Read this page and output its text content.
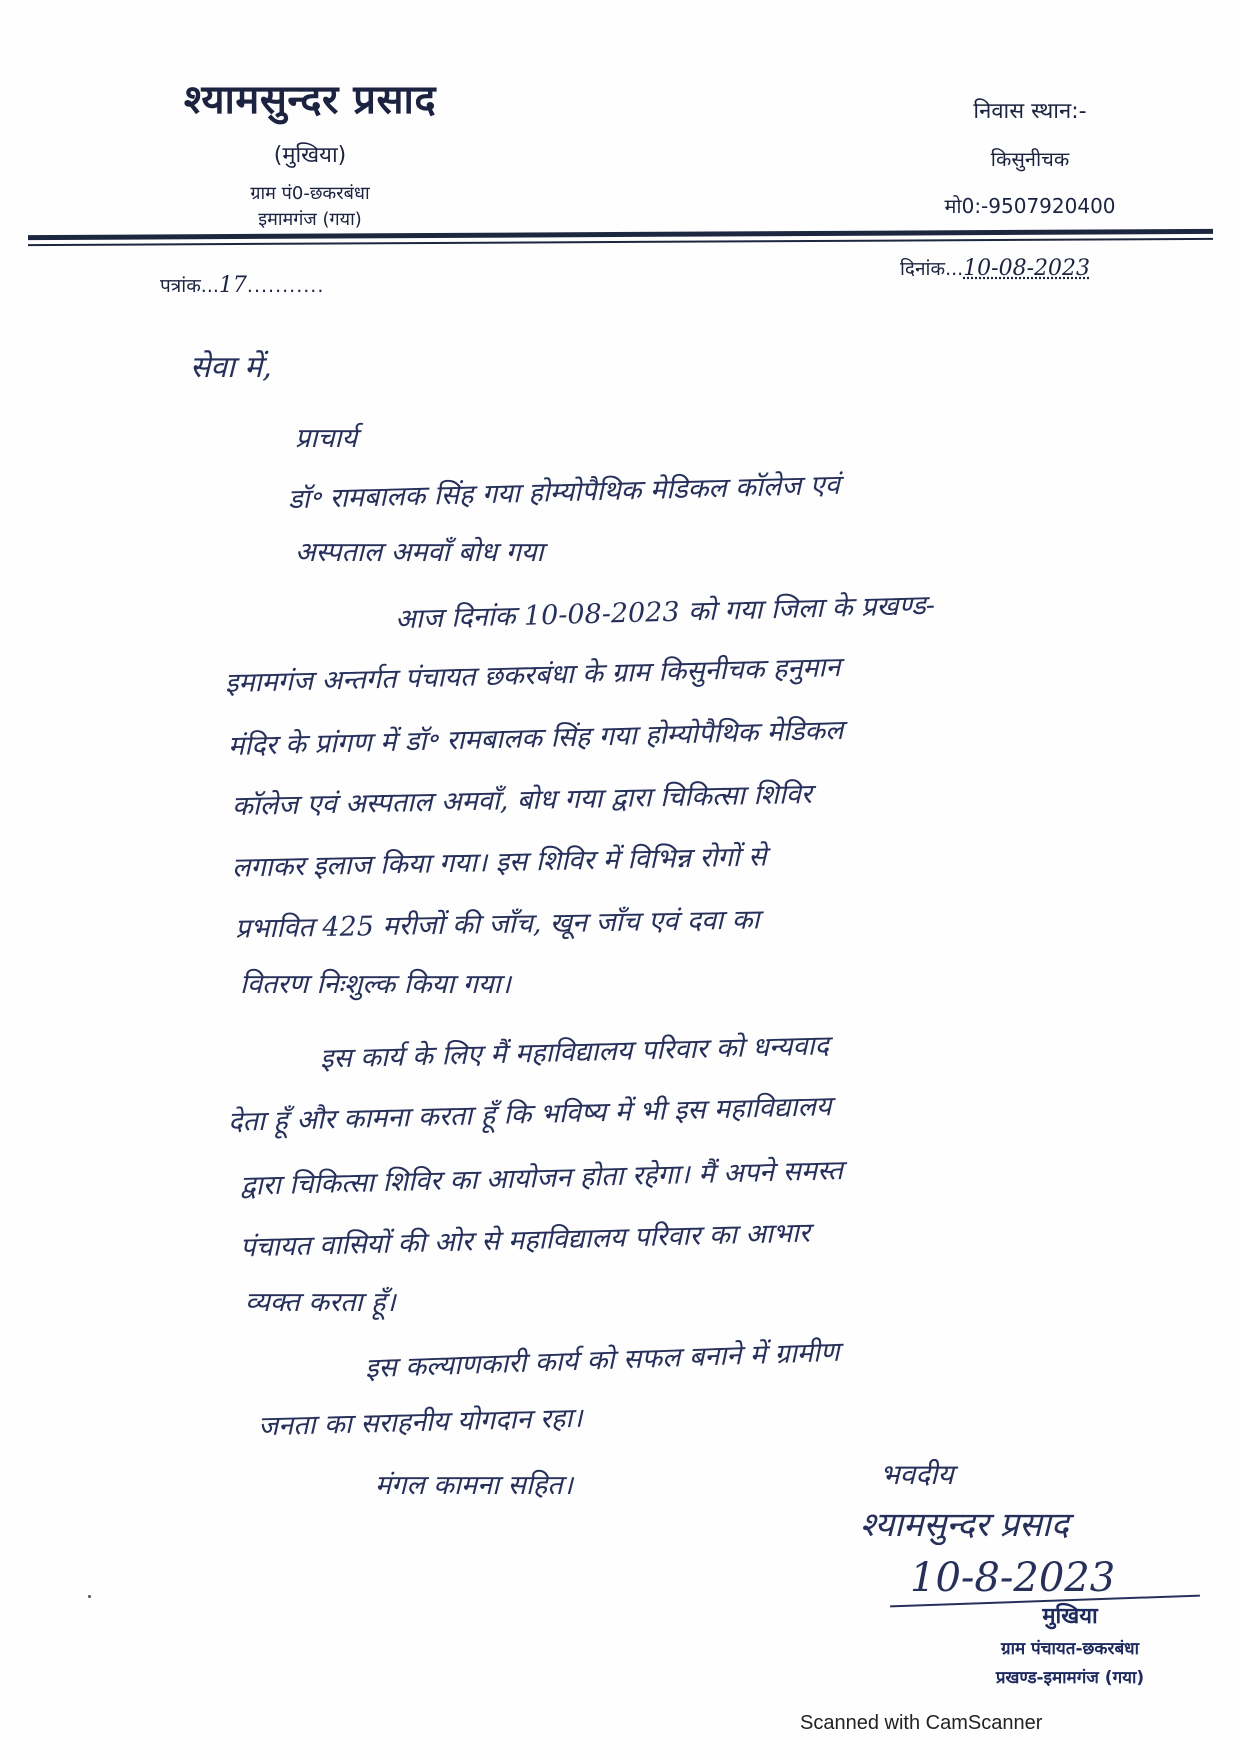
श्यामसुन्दर प्रसाद
(मुखिया)
ग्राम पं0-छकरबंधा
इमामगंज (गया)
निवास स्थान:-
किसुनीचक
मो0:-9507920400
पत्रांक...17...........
दिनांक...10-08-2023
सेवा में,
प्राचार्य
डॉ॰ रामबालक सिंह गया होम्योपैथिक मेडिकल कॉलेज एवं
अस्पताल अमवाँ बोध गया
आज दिनांक 10-08-2023 को गया जिला के प्रखण्ड-
इमामगंज अन्तर्गत पंचायत छकरबंधा के ग्राम किसुनीचक हनुमान
मंदिर के प्रांगण में डॉ॰ रामबालक सिंह गया होम्योपैथिक मेडिकल
कॉलेज एवं अस्पताल अमवाँ, बोध गया द्वारा चिकित्सा शिविर
लगाकर इलाज किया गया। इस शिविर में विभिन्न रोगों से
प्रभावित 425 मरीजों की जाँच, खून जाँच एवं दवा का
वितरण निःशुल्क किया गया।
इस कार्य के लिए मैं महाविद्यालय परिवार को धन्यवाद
देता हूँ और कामना करता हूँ कि भविष्य में भी इस महाविद्यालय
द्वारा चिकित्सा शिविर का आयोजन होता रहेगा। मैं अपने समस्त
पंचायत वासियों की ओर से महाविद्यालय परिवार का आभार
व्यक्त करता हूँ।
इस कल्याणकारी कार्य को सफल बनाने में ग्रामीण
जनता का सराहनीय योगदान रहा।
मंगल कामना सहित।	भवदीय
श्यामसुन्दर प्रसाद
10-8-2023
मुखिया
ग्राम पंचायत-छकरबंधा
प्रखण्ड-इमामगंज (गया)
Scanned with CamScanner
